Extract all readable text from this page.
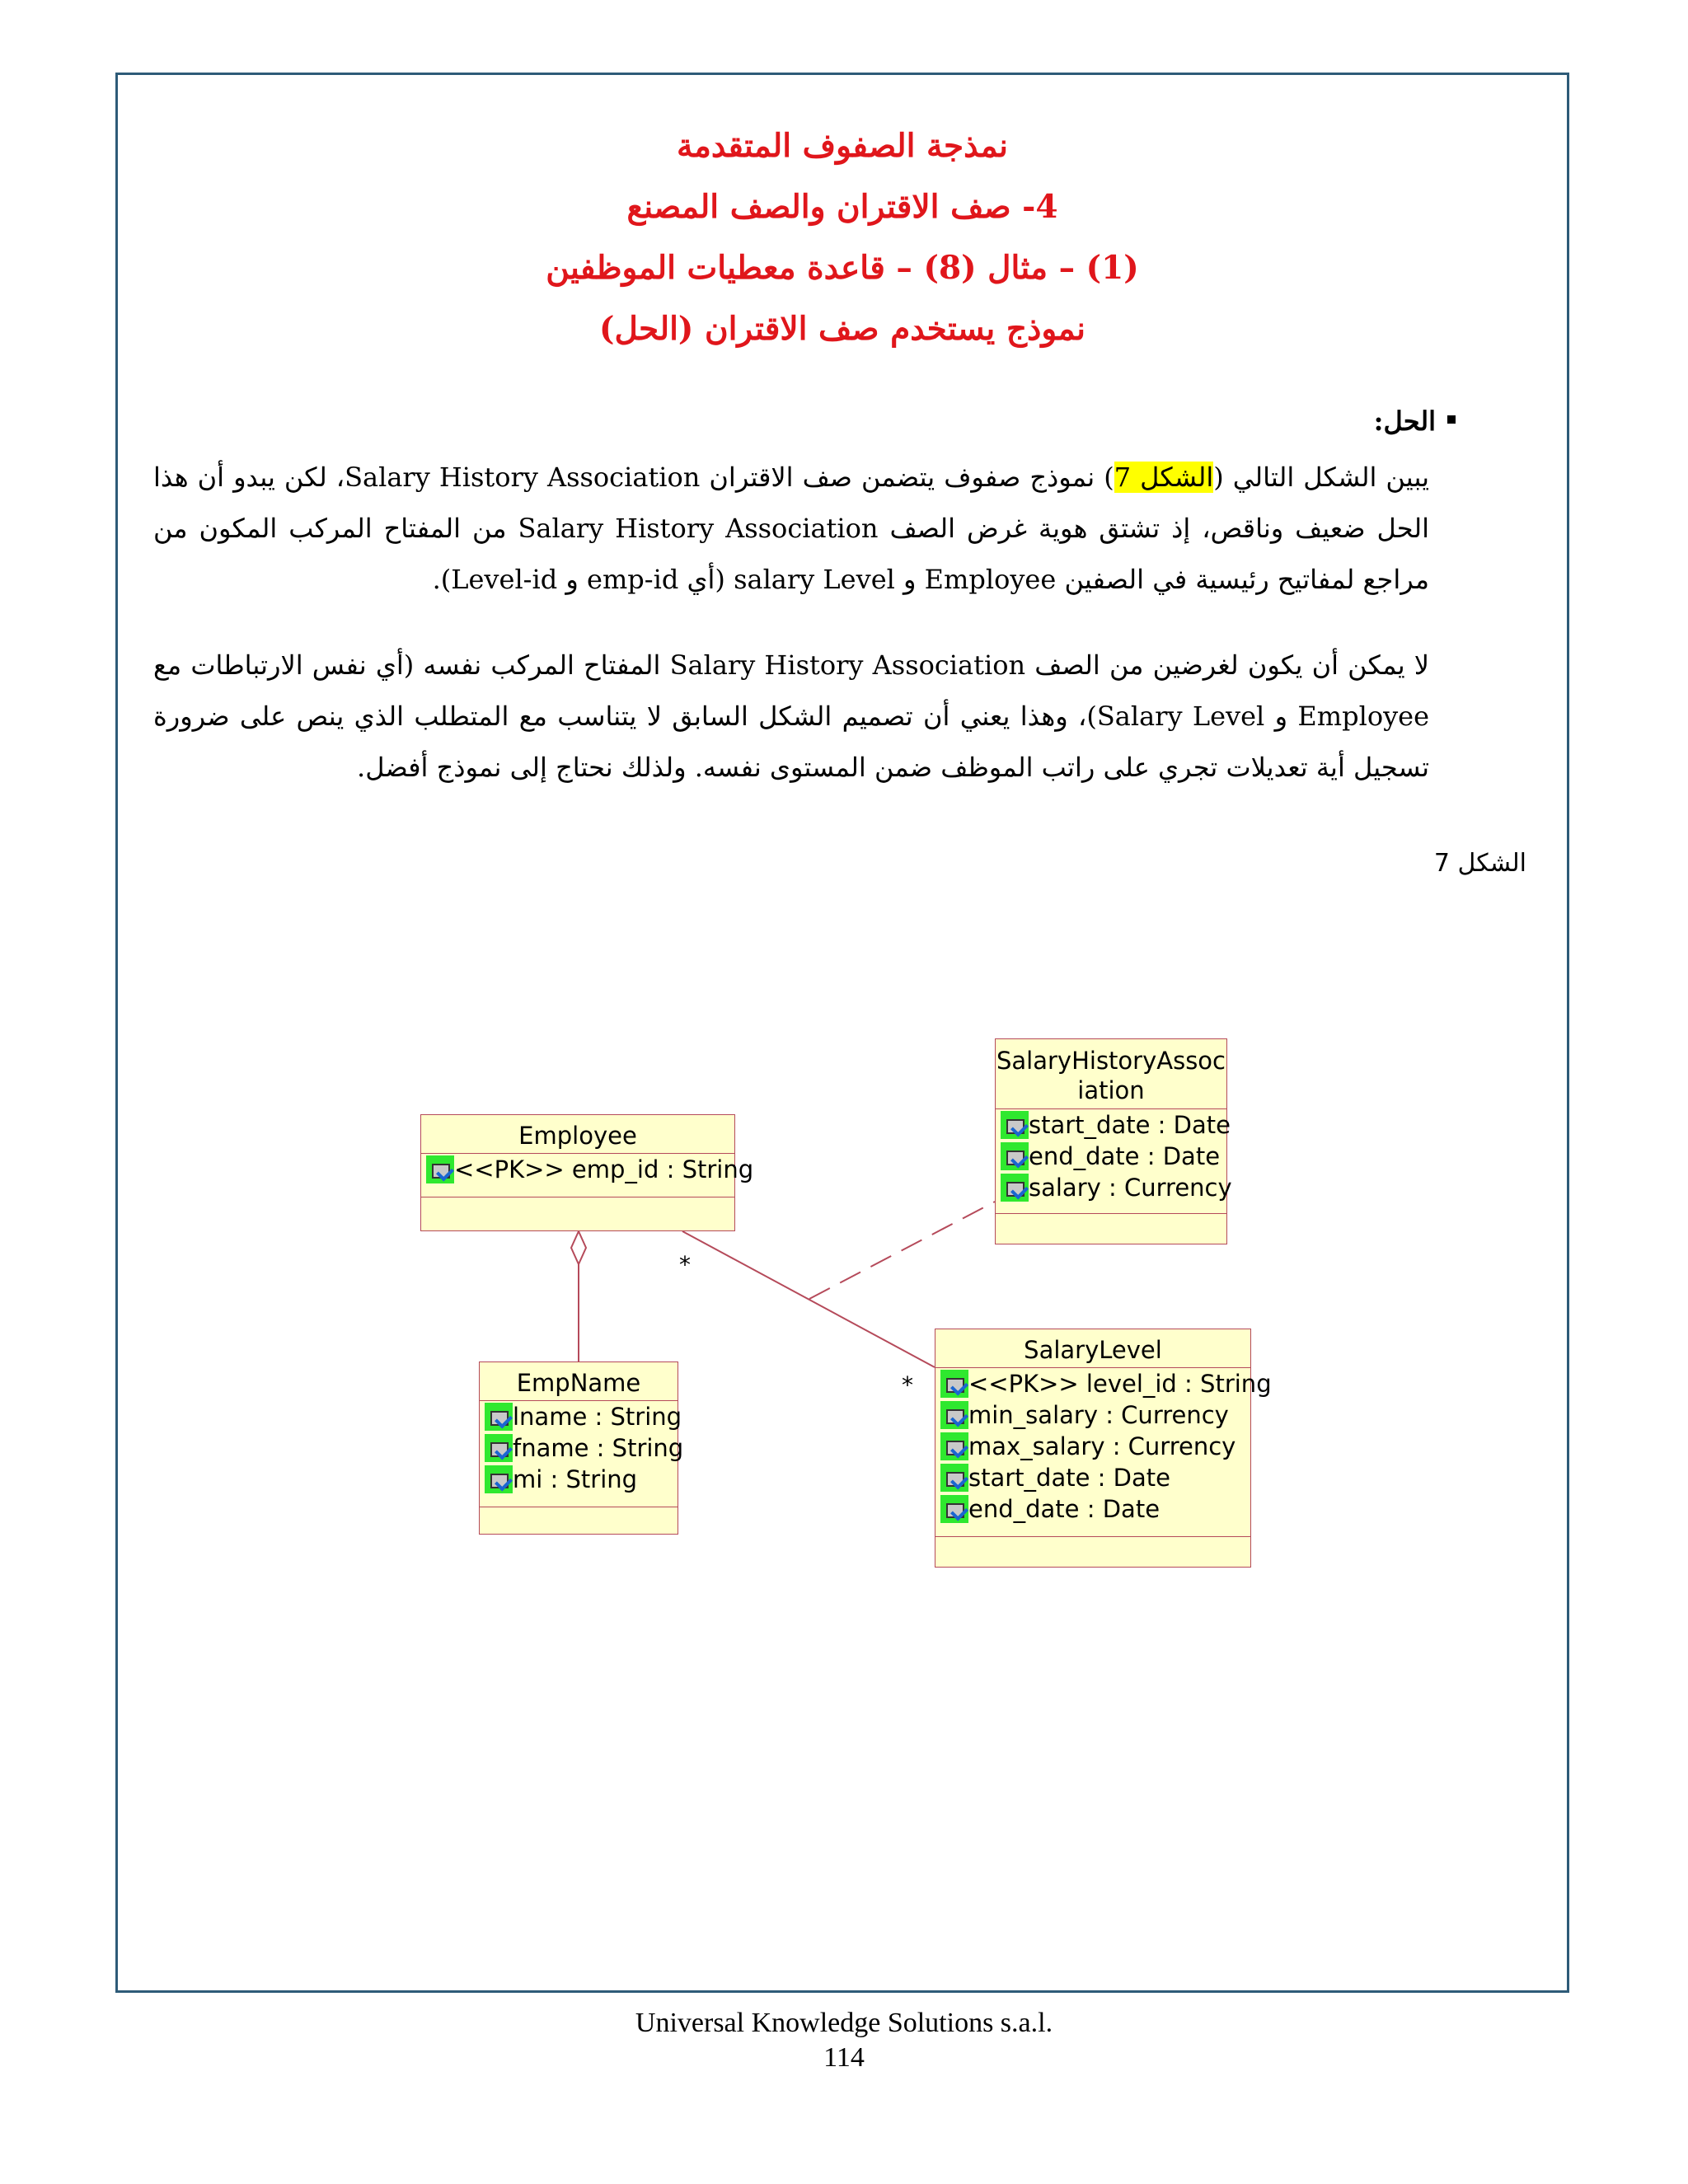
نمذجة الصفوف المتقدمة
4- صف الاقتران والصف المصنع
(1) – مثال (8) – قاعدة معطيات الموظفين
نموذج يستخدم صف الاقتران (الحل)
الحل:

يبين الشكل التالي (الشكل 7) نموذج صفوف يتضمن صف الاقتران Salary History Association، لكن يبدو أن هذا الحل ضعيف وناقص، إذ تشتق هوية غرض الصف Salary History Association من المفتاح المركب المكون من مراجع لمفاتيح رئيسية في الصفين Employee و salary Level (أي emp-id و Level-id).

لا يمكن أن يكون لغرضين من الصف Salary History Association المفتاح المركب نفسه (أي نفس الارتباطات مع Employee و Salary Level)، وهذا يعني أن تصميم الشكل السابق لا يتناسب مع المتطلب الذي ينص على ضرورة تسجيل أية تعديلات تجري على راتب الموظف ضمن المستوى نفسه. ولذلك نحتاج إلى نموذج أفضل.

الشكل 7
Employee
<<PK>> emp_id : String
SalaryHistoryAssoc
iation
start_date : Date
end_date : Date
salary : Currency
EmpName
lname : String
fname : String
mi : String
SalaryLevel
<<PK>> level_id : String
min_salary : Currency
max_salary : Currency
start_date : Date
end_date : Date
*
*
Universal Knowledge Solutions s.a.l.
114
